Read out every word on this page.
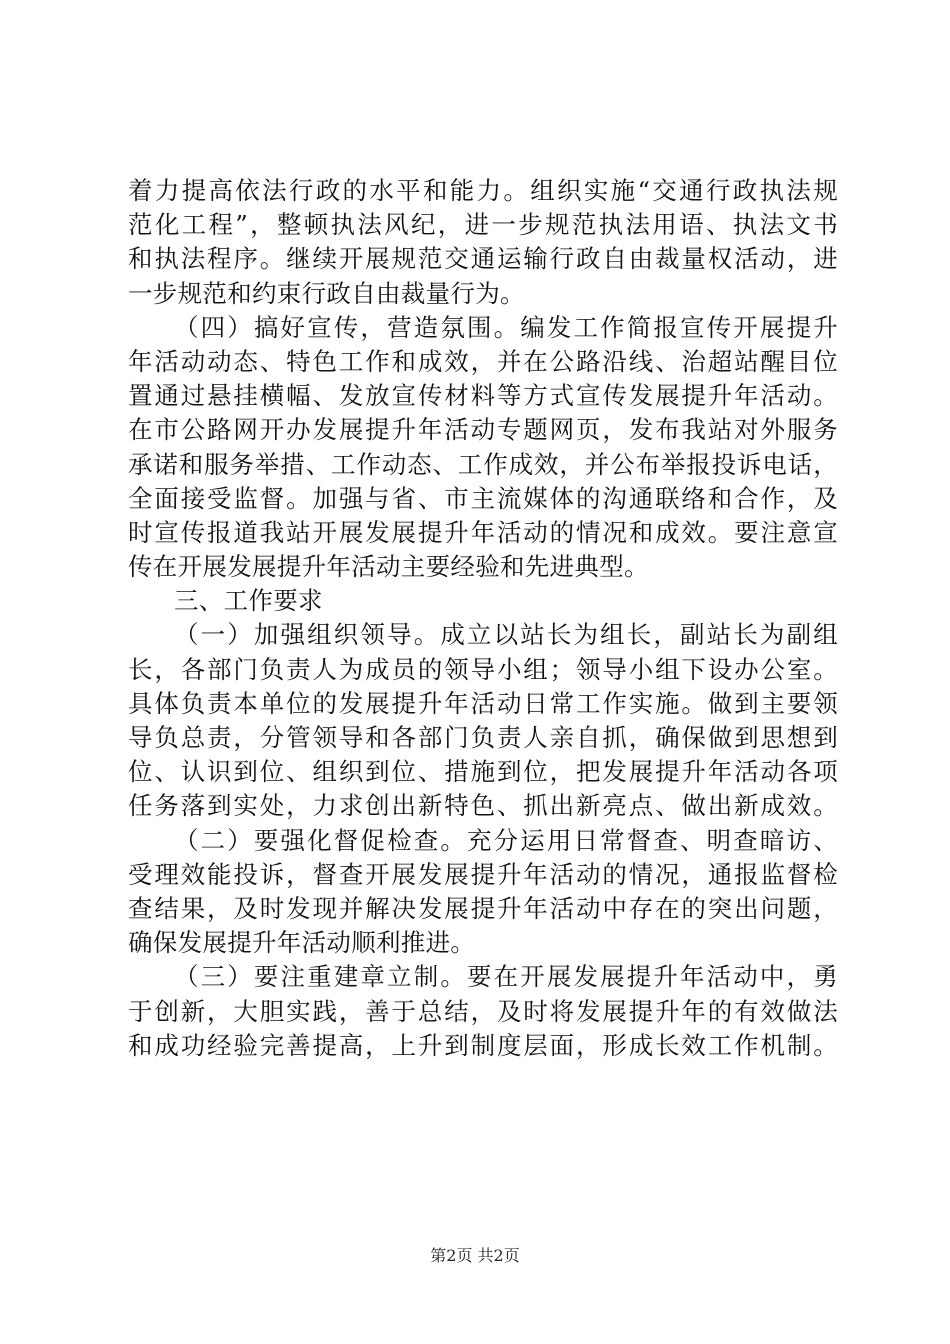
着力提高依法行政的水平和能力。组织实施“交通行政执法规
范化工程”，整顿执法风纪，进一步规范执法用语、执法文书
和执法程序。继续开展规范交通运输行政自由裁量权活动，进
一步规范和约束行政自由裁量行为。
（四）搞好宣传，营造氛围。编发工作简报宣传开展提升
年活动动态、特色工作和成效，并在公路沿线、治超站醒目位
置通过悬挂横幅、发放宣传材料等方式宣传发展提升年活动。
在市公路网开办发展提升年活动专题网页，发布我站对外服务
承诺和服务举措、工作动态、工作成效，并公布举报投诉电话，
全面接受监督。加强与省、市主流媒体的沟通联络和合作，及
时宣传报道我站开展发展提升年活动的情况和成效。要注意宣
传在开展发展提升年活动主要经验和先进典型。
三、工作要求
（一）加强组织领导。成立以站长为组长，副站长为副组
长，各部门负责人为成员的领导小组；领导小组下设办公室。
具体负责本单位的发展提升年活动日常工作实施。做到主要领
导负总责，分管领导和各部门负责人亲自抓，确保做到思想到
位、认识到位、组织到位、措施到位，把发展提升年活动各项
任务落到实处，力求创出新特色、抓出新亮点、做出新成效。
（二）要强化督促检查。充分运用日常督查、明查暗访、
受理效能投诉，督查开展发展提升年活动的情况，通报监督检
查结果，及时发现并解决发展提升年活动中存在的突出问题，
确保发展提升年活动顺利推进。
（三）要注重建章立制。要在开展发展提升年活动中，勇
于创新，大胆实践，善于总结，及时将发展提升年的有效做法
和成功经验完善提高，上升到制度层面，形成长效工作机制。
第2页 共2页
